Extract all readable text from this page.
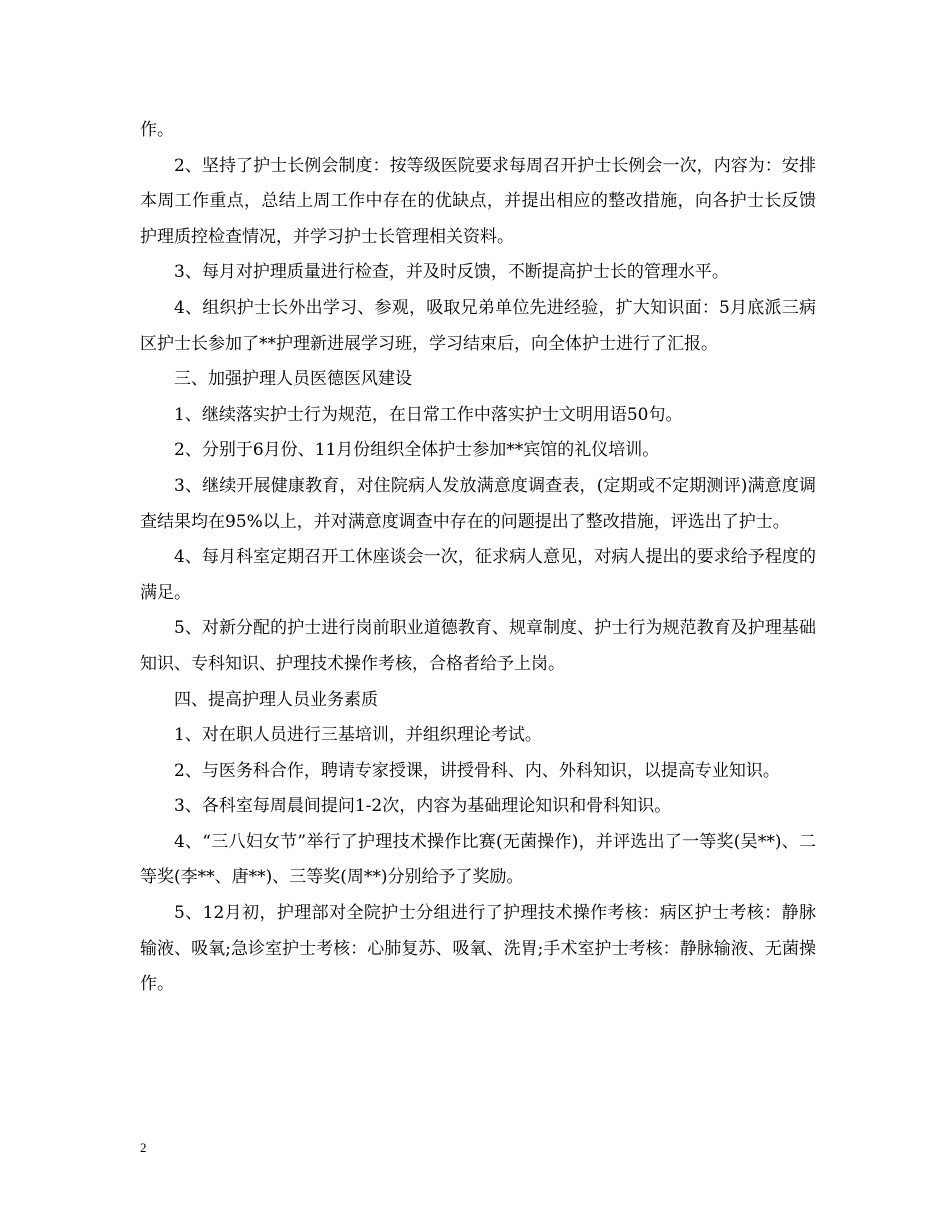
作。

2、坚持了护士长例会制度：按等级医院要求每周召开护士长例会一次，内容为：安排本周工作重点，总结上周工作中存在的优缺点，并提出相应的整改措施，向各护士长反馈护理质控检查情况，并学习护士长管理相关资料。

3、每月对护理质量进行检查，并及时反馈，不断提高护士长的管理水平。

4、组织护士长外出学习、参观，吸取兄弟单位先进经验，扩大知识面：5月底派三病区护士长参加了**护理新进展学习班，学习结束后，向全体护士进行了汇报。

三、加强护理人员医德医风建设

1、继续落实护士行为规范，在日常工作中落实护士文明用语50句。

2、分别于6月份、11月份组织全体护士参加**宾馆的礼仪培训。

3、继续开展健康教育，对住院病人发放满意度调查表，(定期或不定期测评)满意度调查结果均在95%以上，并对满意度调查中存在的问题提出了整改措施，评选出了护士。

4、每月科室定期召开工休座谈会一次，征求病人意见，对病人提出的要求给予程度的满足。

5、对新分配的护士进行岗前职业道德教育、规章制度、护士行为规范教育及护理基础知识、专科知识、护理技术操作考核，合格者给予上岗。

四、提高护理人员业务素质

1、对在职人员进行三基培训，并组织理论考试。

2、与医务科合作，聘请专家授课，讲授骨科、内、外科知识，以提高专业知识。

3、各科室每周晨间提问1-2次，内容为基础理论知识和骨科知识。

4、“三八妇女节”举行了护理技术操作比赛(无菌操作)，并评选出了一等奖(吴**)、二等奖(李**、唐**)、三等奖(周**)分别给予了奖励。

5、12月初，护理部对全院护士分组进行了护理技术操作考核：病区护士考核：静脉输液、吸氧;急诊室护士考核：心肺复苏、吸氧、洗胃;手术室护士考核：静脉输液、无菌操作。

2
